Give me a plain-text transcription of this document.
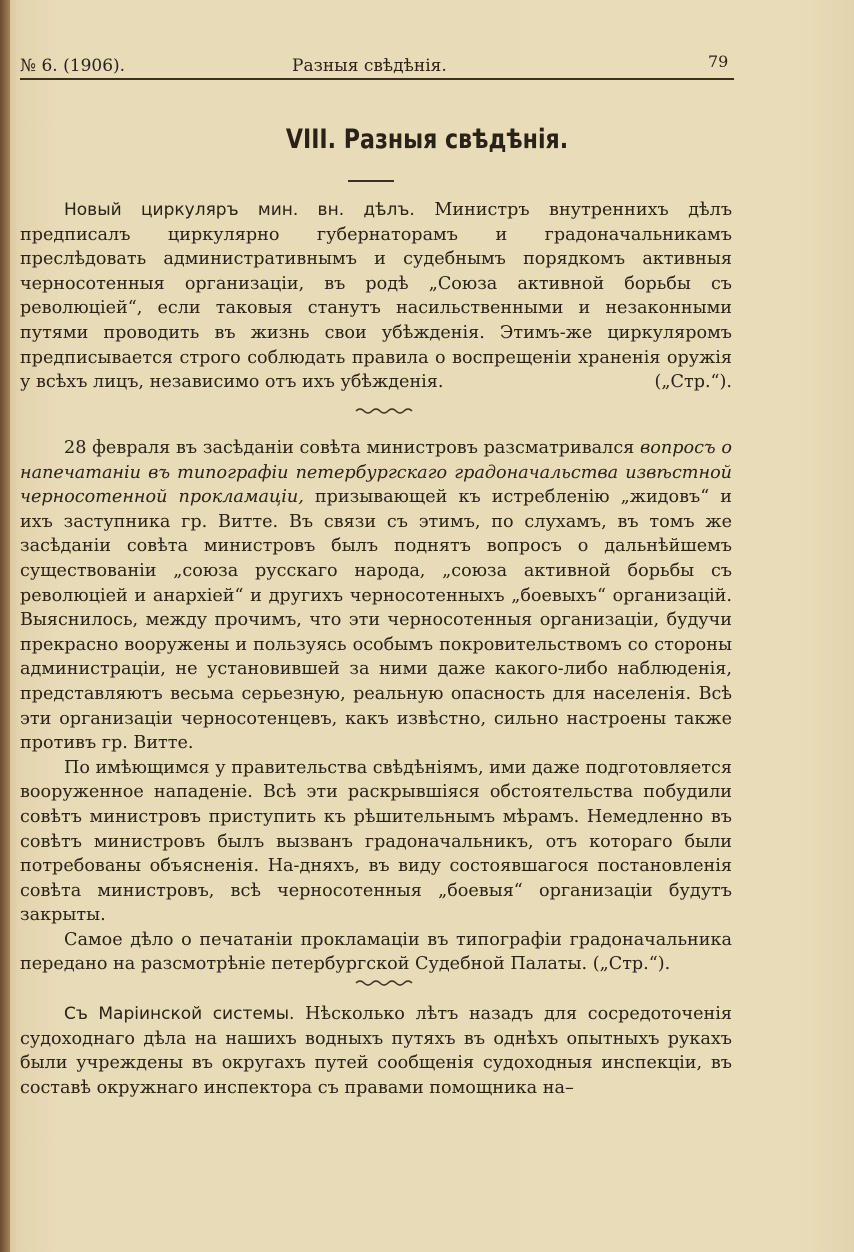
№ 6. (1906).	Разныя свѣдѣнія.	79
VIII. Разныя свѣдѣнія.

Новый циркуляръ мин. вн. дѣлъ. Министръ внутреннихъ дѣлъ предписалъ циркулярно губернаторамъ и градоначальникамъ преслѣдовать административнымъ и судебнымъ порядкомъ активныя черносотенныя организаціи, въ родѣ „Союза активной борьбы съ революціей“, если таковыя станутъ насильственными и незаконными путями проводить въ жизнь свои убѣжденія. Этимъ-же циркуляромъ предписывается строго соблюдать правила о воспрещеніи храненія оружія у всѣхъ лицъ, независимо отъ ихъ убѣжденія.	(„Стр.“).

28 февраля въ засѣданіи совѣта министровъ разсматривался вопросъ о напечатаніи въ типографіи петербургскаго градоначальства извѣстной черносотенной прокламаціи, призывающей къ истребленію „жидовъ“ и ихъ заступника гр. Витте. Въ связи съ этимъ, по слухамъ, въ томъ же засѣданіи совѣта министровъ былъ поднятъ вопросъ о дальнѣйшемъ существованіи „союза русскаго народа, „союза активной борьбы съ революціей и анархіей“ и другихъ черносотенныхъ „боевыхъ“ организацій. Выяснилось, между прочимъ, что эти черносотенныя организаціи, будучи прекрасно вооружены и пользуясь особымъ покровительствомъ со стороны администраціи, не установившей за ними даже какого-либо наблюденія, представляютъ весьма серьезную, реальную опасность для населенія. Всѣ эти организаціи черносотенцевъ, какъ извѣстно, сильно настроены также противъ гр. Витте.

По имѣющимся у правительства свѣдѣніямъ, ими даже подготовляется вооруженное нападеніе. Всѣ эти раскрывшіяся обстоятельства побудили совѣтъ министровъ приступить къ рѣшительнымъ мѣрамъ. Немедленно въ совѣтъ министровъ былъ вызванъ градоначальникъ, отъ котораго были потребованы объясненія. На-дняхъ, въ виду состоявшагося постановленія совѣта министровъ, всѣ черносотенныя „боевыя“ организаціи будутъ закрыты.

Самое дѣло о печатаніи прокламаціи въ типографіи градоначальника передано на разсмотрѣніе петербургской Судебной Палаты. („Стр.“).

Съ Маріинской системы. Нѣсколько лѣтъ назадъ для сосредоточенія судоходнаго дѣла на нашихъ водныхъ путяхъ въ однѣхъ опытныхъ рукахъ были учреждены въ округахъ путей сообщенія судоходныя инспекціи, въ составѣ окружнаго инспектора съ правами помощника на–
